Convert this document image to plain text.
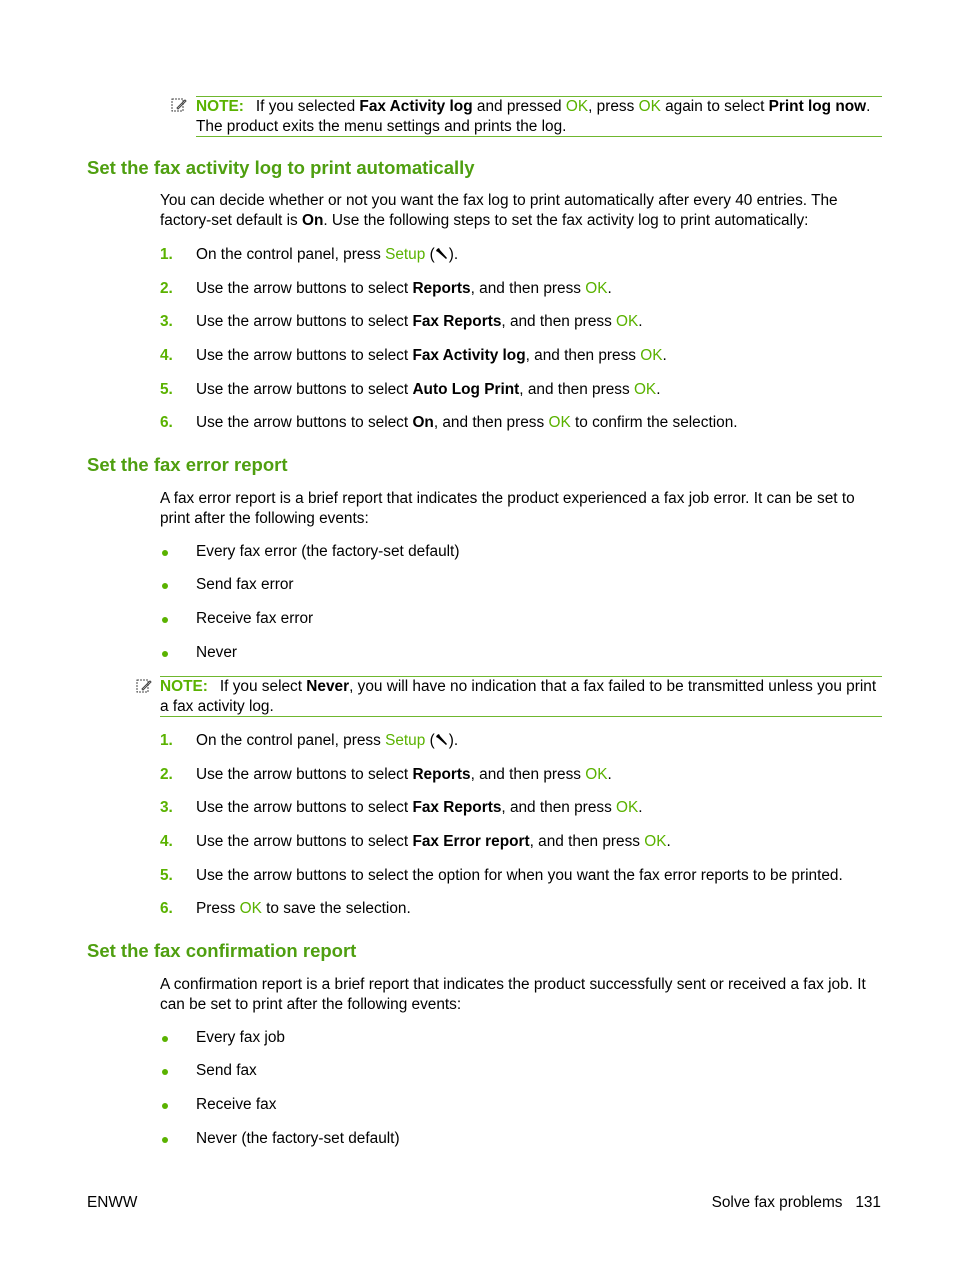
NOTE: If you selected Fax Activity log and pressed OK, press OK again to select Print log now. The product exits the menu settings and prints the log.
Set the fax activity log to print automatically
You can decide whether or not you want the fax log to print automatically after every 40 entries. The factory-set default is On. Use the following steps to set the fax activity log to print automatically:
1. On the control panel, press Setup ( ).
2. Use the arrow buttons to select Reports, and then press OK.
3. Use the arrow buttons to select Fax Reports, and then press OK.
4. Use the arrow buttons to select Fax Activity log, and then press OK.
5. Use the arrow buttons to select Auto Log Print, and then press OK.
6. Use the arrow buttons to select On, and then press OK to confirm the selection.
Set the fax error report
A fax error report is a brief report that indicates the product experienced a fax job error. It can be set to print after the following events:
Every fax error (the factory-set default)
Send fax error
Receive fax error
Never
NOTE: If you select Never, you will have no indication that a fax failed to be transmitted unless you print a fax activity log.
1. On the control panel, press Setup ( ).
2. Use the arrow buttons to select Reports, and then press OK.
3. Use the arrow buttons to select Fax Reports, and then press OK.
4. Use the arrow buttons to select Fax Error report, and then press OK.
5. Use the arrow buttons to select the option for when you want the fax error reports to be printed.
6. Press OK to save the selection.
Set the fax confirmation report
A confirmation report is a brief report that indicates the product successfully sent or received a fax job. It can be set to print after the following events:
Every fax job
Send fax
Receive fax
Never (the factory-set default)
ENWW	Solve fax problems 131
